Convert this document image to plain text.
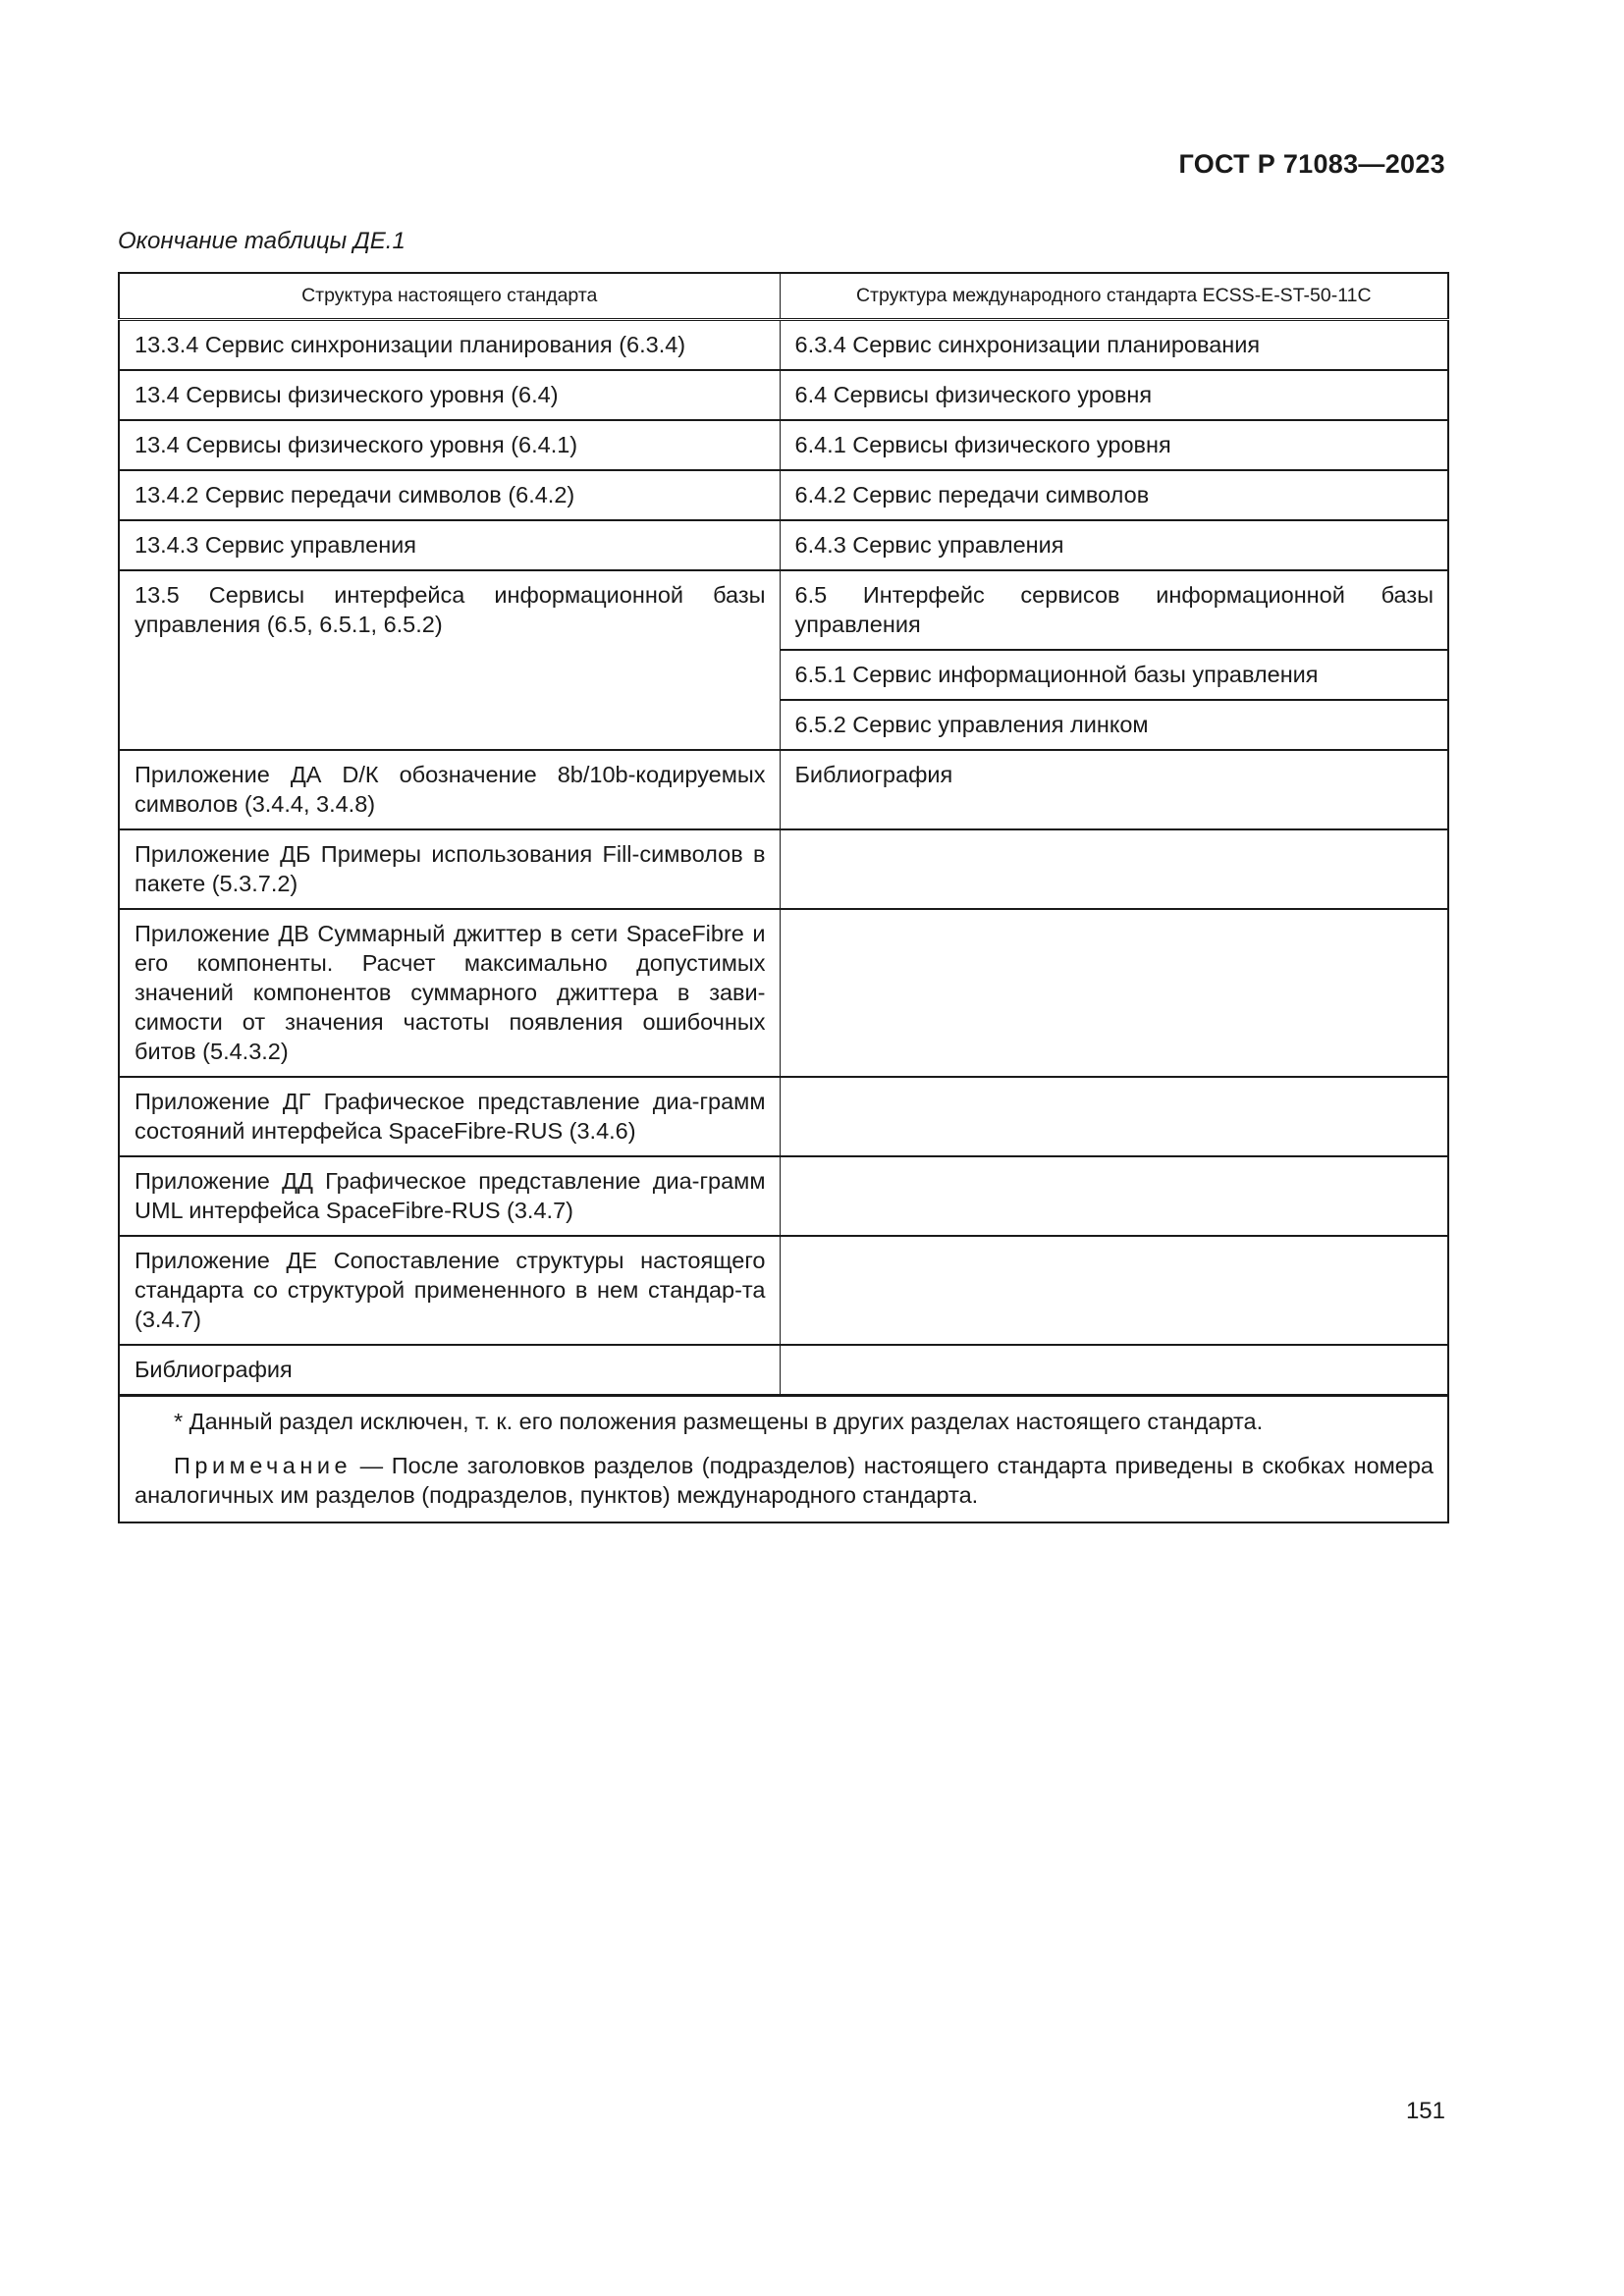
ГОСТ Р 71083—2023
Окончание таблицы ДЕ.1
Структура настоящего стандарта	Структура международного стандарта ECSS-E-ST-50-11C
13.3.4 Сервис синхронизации планирования (6.3.4)	6.3.4 Сервис синхронизации планирования
13.4 Сервисы физического уровня (6.4)	6.4 Сервисы физического уровня
13.4 Сервисы физического уровня (6.4.1)	6.4.1 Сервисы физического уровня
13.4.2 Сервис передачи символов (6.4.2)	6.4.2 Сервис передачи символов
13.4.3 Сервис управления	6.4.3 Сервис управления
13.5 Сервисы интерфейса информационной базы управления (6.5, 6.5.1, 6.5.2)	6.5 Интерфейс сервисов информационной базы управления
	6.5.1 Сервис информационной базы управления
	6.5.2 Сервис управления линком
Приложение ДА D/К обозначение 8b/10b-кодируемых символов (3.4.4, 3.4.8)	Библиография
Приложение ДБ Примеры использования Fill-символов в пакете (5.3.7.2)	
Приложение ДВ Суммарный джиттер в сети SpaceFibre и его компоненты. Расчет максимально допустимых значений компонентов суммарного джиттера в зави-симости от значения частоты появления ошибочных битов (5.4.3.2)	
Приложение ДГ Графическое представление диа-грамм состояний интерфейса SpaceFibre-RUS (3.4.6)	
Приложение ДД Графическое представление диа-грамм UML интерфейса SpaceFibre-RUS (3.4.7)	
Приложение ДЕ Сопоставление структуры настоящего стандарта со структурой примененного в нем стандар-та (3.4.7)	
Библиография	

* Данный раздел исключен, т. к. его положения размещены в других разделах настоящего стандарта.
Примечание — После заголовков разделов (подразделов) настоящего стандарта приведены в скобках номера аналогичных им разделов (подразделов, пунктов) международного стандарта.	
151
